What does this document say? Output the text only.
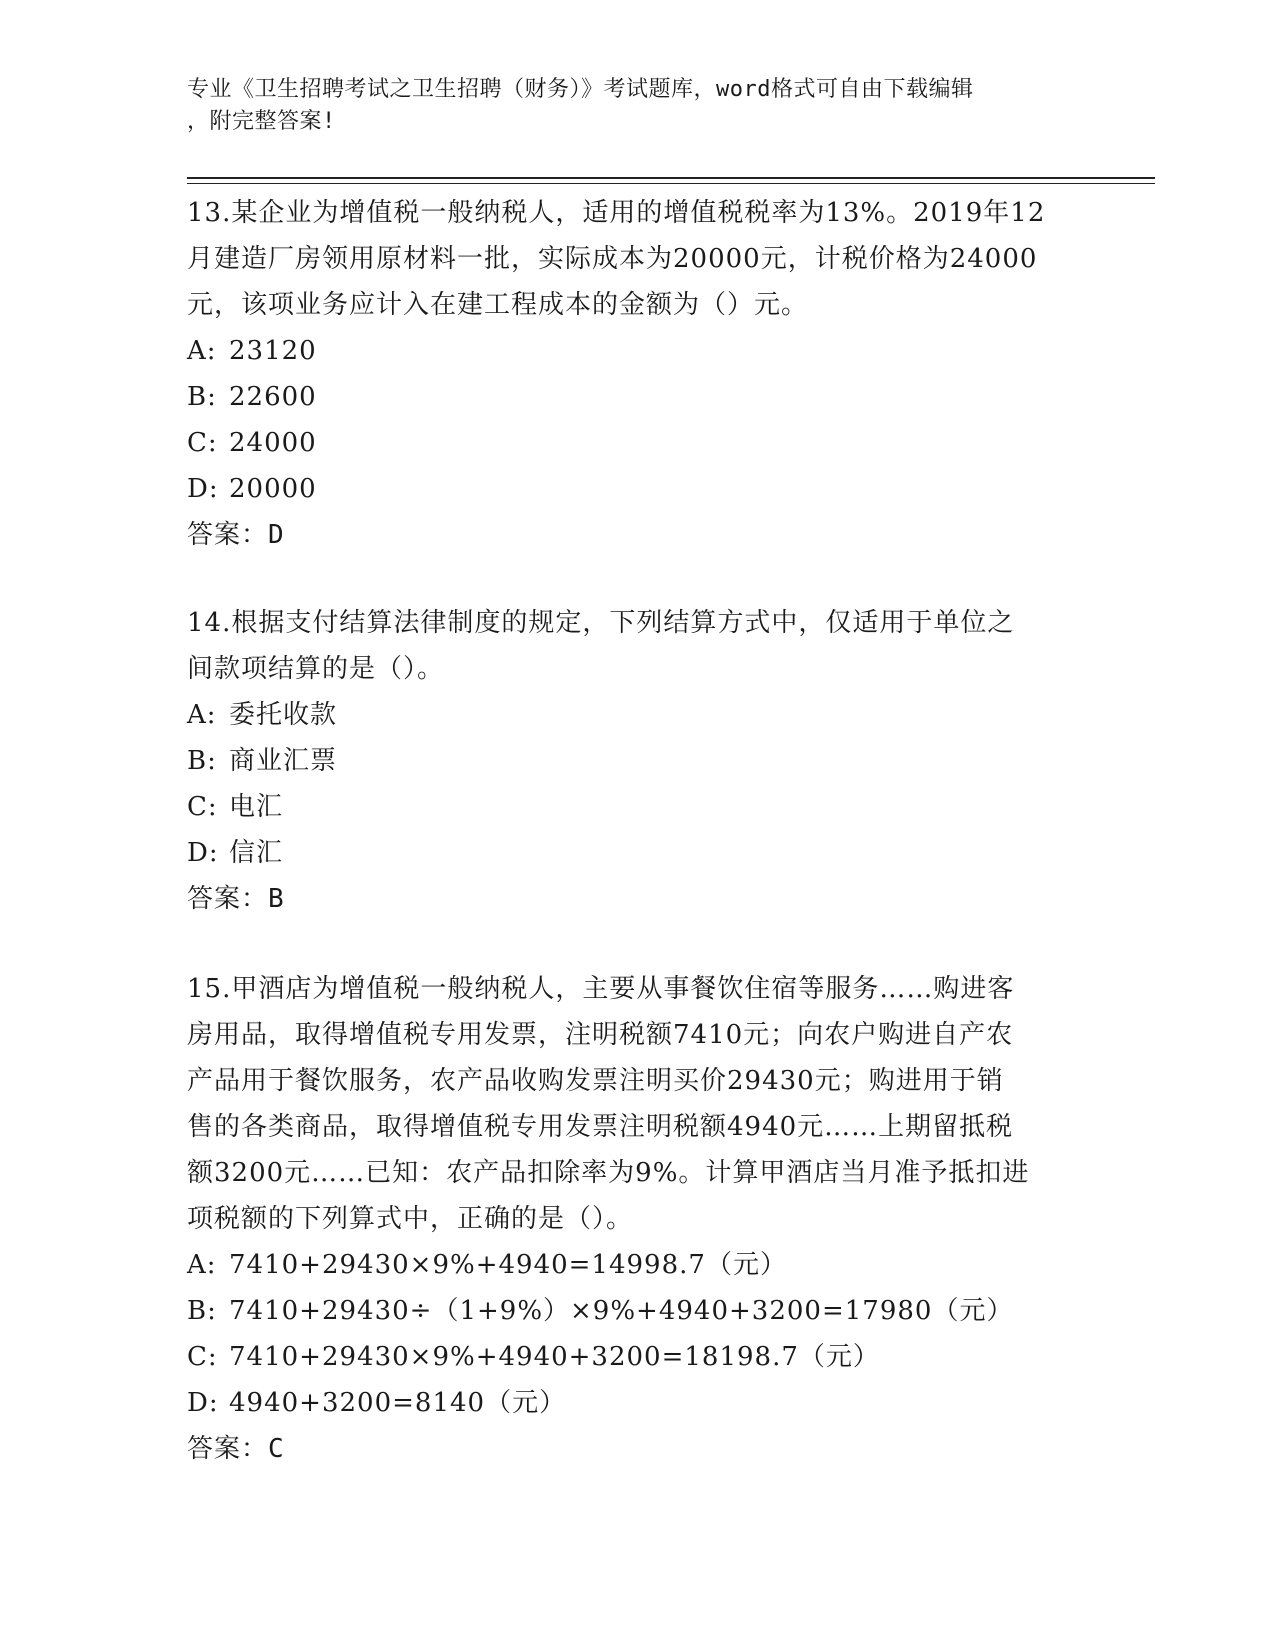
专业《卫生招聘考试之卫生招聘（财务）》考试题库，word格式可自由下载编辑
，附完整答案!
13.某企业为增值税一般纳税人，适用的增值税税率为13%。2019年12
月建造厂房领用原材料一批，实际成本为20000元，计税价格为24000
元，该项业务应计入在建工程成本的金额为（）元。
A: 23120
B: 22600
C: 24000
D: 20000
答案：D
14.根据支付结算法律制度的规定，下列结算方式中，仅适用于单位之
间款项结算的是（）。
A: 委托收款
B: 商业汇票
C: 电汇
D: 信汇
答案：B
15.甲酒店为增值税一般纳税人，主要从事餐饮住宿等服务……购进客
房用品，取得增值税专用发票，注明税额7410元；向农户购进自产农
产品用于餐饮服务，农产品收购发票注明买价29430元；购进用于销
售的各类商品，取得增值税专用发票注明税额4940元……上期留抵税
额3200元……已知：农产品扣除率为9%。计算甲酒店当月准予抵扣进
项税额的下列算式中，正确的是（）。
A: 7410+29430×9%+4940=14998.7（元）
B: 7410+29430÷（1+9%）×9%+4940+3200=17980（元）
C: 7410+29430×9%+4940+3200=18198.7（元）
D: 4940+3200=8140（元）
答案：C
